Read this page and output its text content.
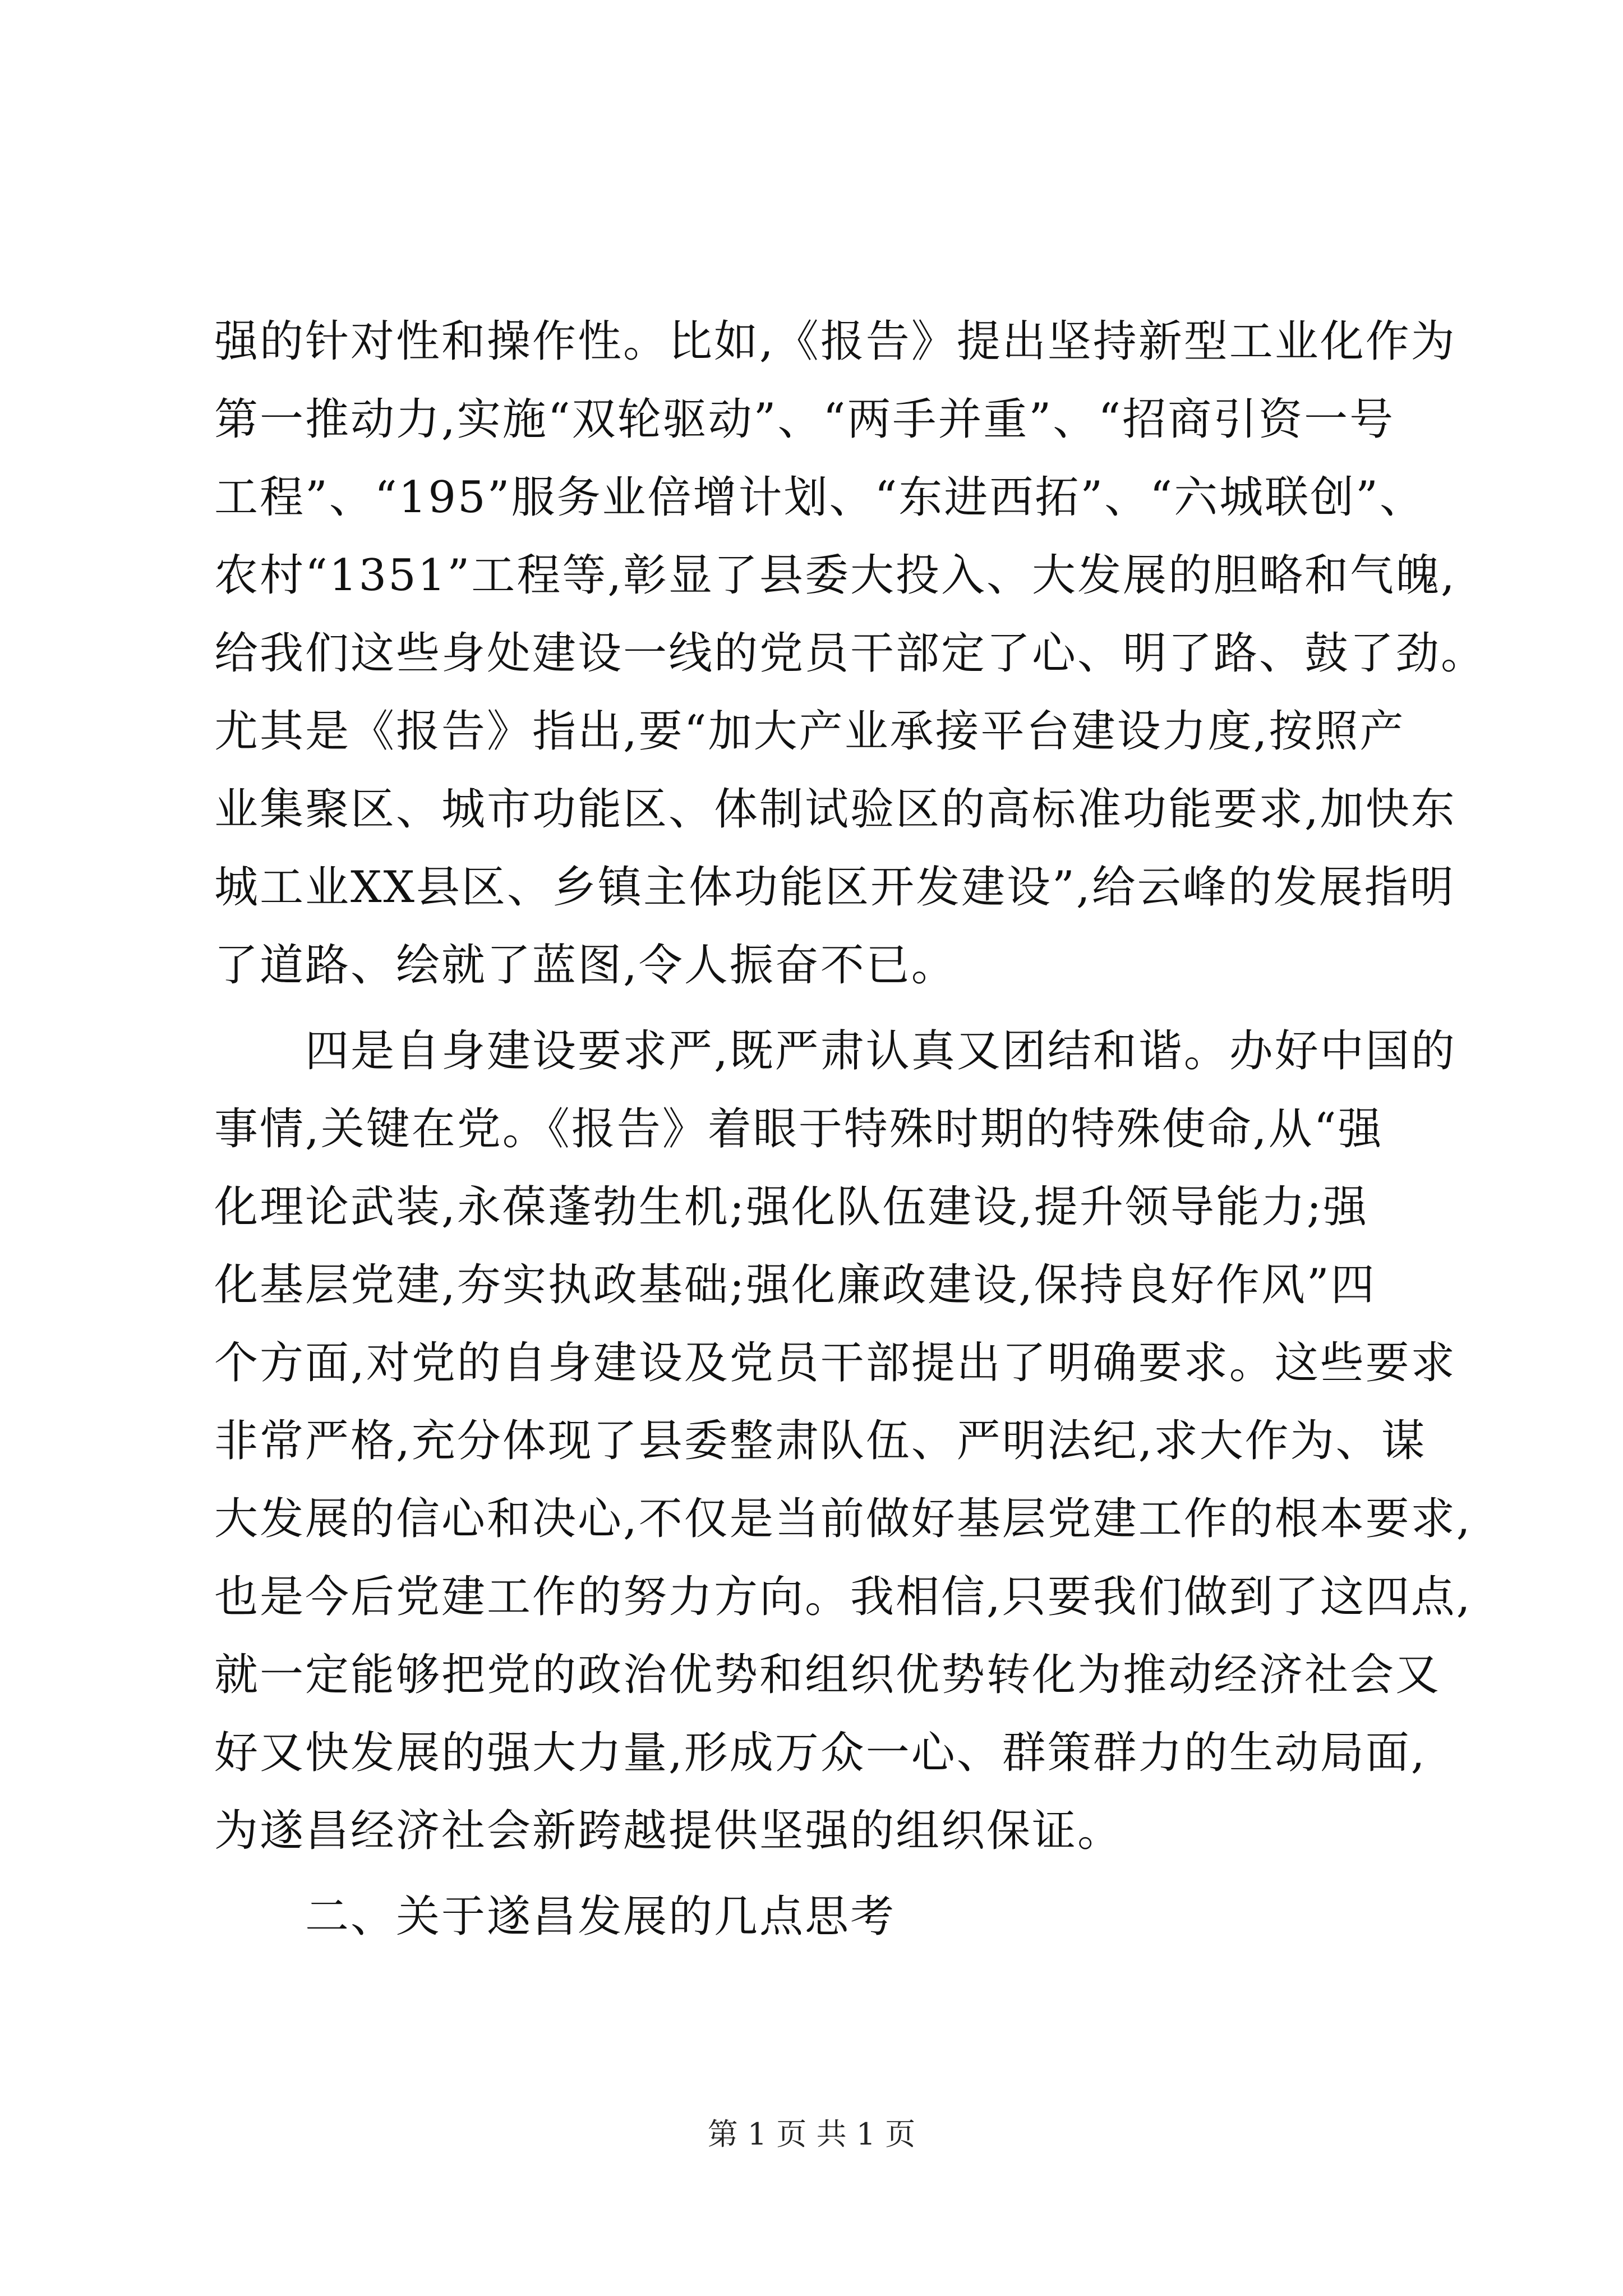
强的针对性和操作性。比如,《报告》提出坚持新型工业化作为
第一推动力,实施“双轮驱动”、“两手并重”、“招商引资一号
工程”、“195”服务业倍增计划、“东进西拓”、“六城联创”、
农村“1351”工程等,彰显了县委大投入、大发展的胆略和气魄,
给我们这些身处建设一线的党员干部定了心、明了路、鼓了劲。
尤其是《报告》指出,要“加大产业承接平台建设力度,按照产
业集聚区、城市功能区、体制试验区的高标准功能要求,加快东
城工业XX县区、乡镇主体功能区开发建设”,给云峰的发展指明
了道路、绘就了蓝图,令人振奋不已。
　　四是自身建设要求严,既严肃认真又团结和谐。办好中国的
事情,关键在党。《报告》着眼于特殊时期的特殊使命,从“强
化理论武装,永葆蓬勃生机;强化队伍建设,提升领导能力;强
化基层党建,夯实执政基础;强化廉政建设,保持良好作风”四
个方面,对党的自身建设及党员干部提出了明确要求。这些要求
非常严格,充分体现了县委整肃队伍、严明法纪,求大作为、谋
大发展的信心和决心,不仅是当前做好基层党建工作的根本要求,
也是今后党建工作的努力方向。我相信,只要我们做到了这四点,
就一定能够把党的政治优势和组织优势转化为推动经济社会又
好又快发展的强大力量,形成万众一心、群策群力的生动局面,
为遂昌经济社会新跨越提供坚强的组织保证。
　　二、关于遂昌发展的几点思考
第 1 页 共 1 页
